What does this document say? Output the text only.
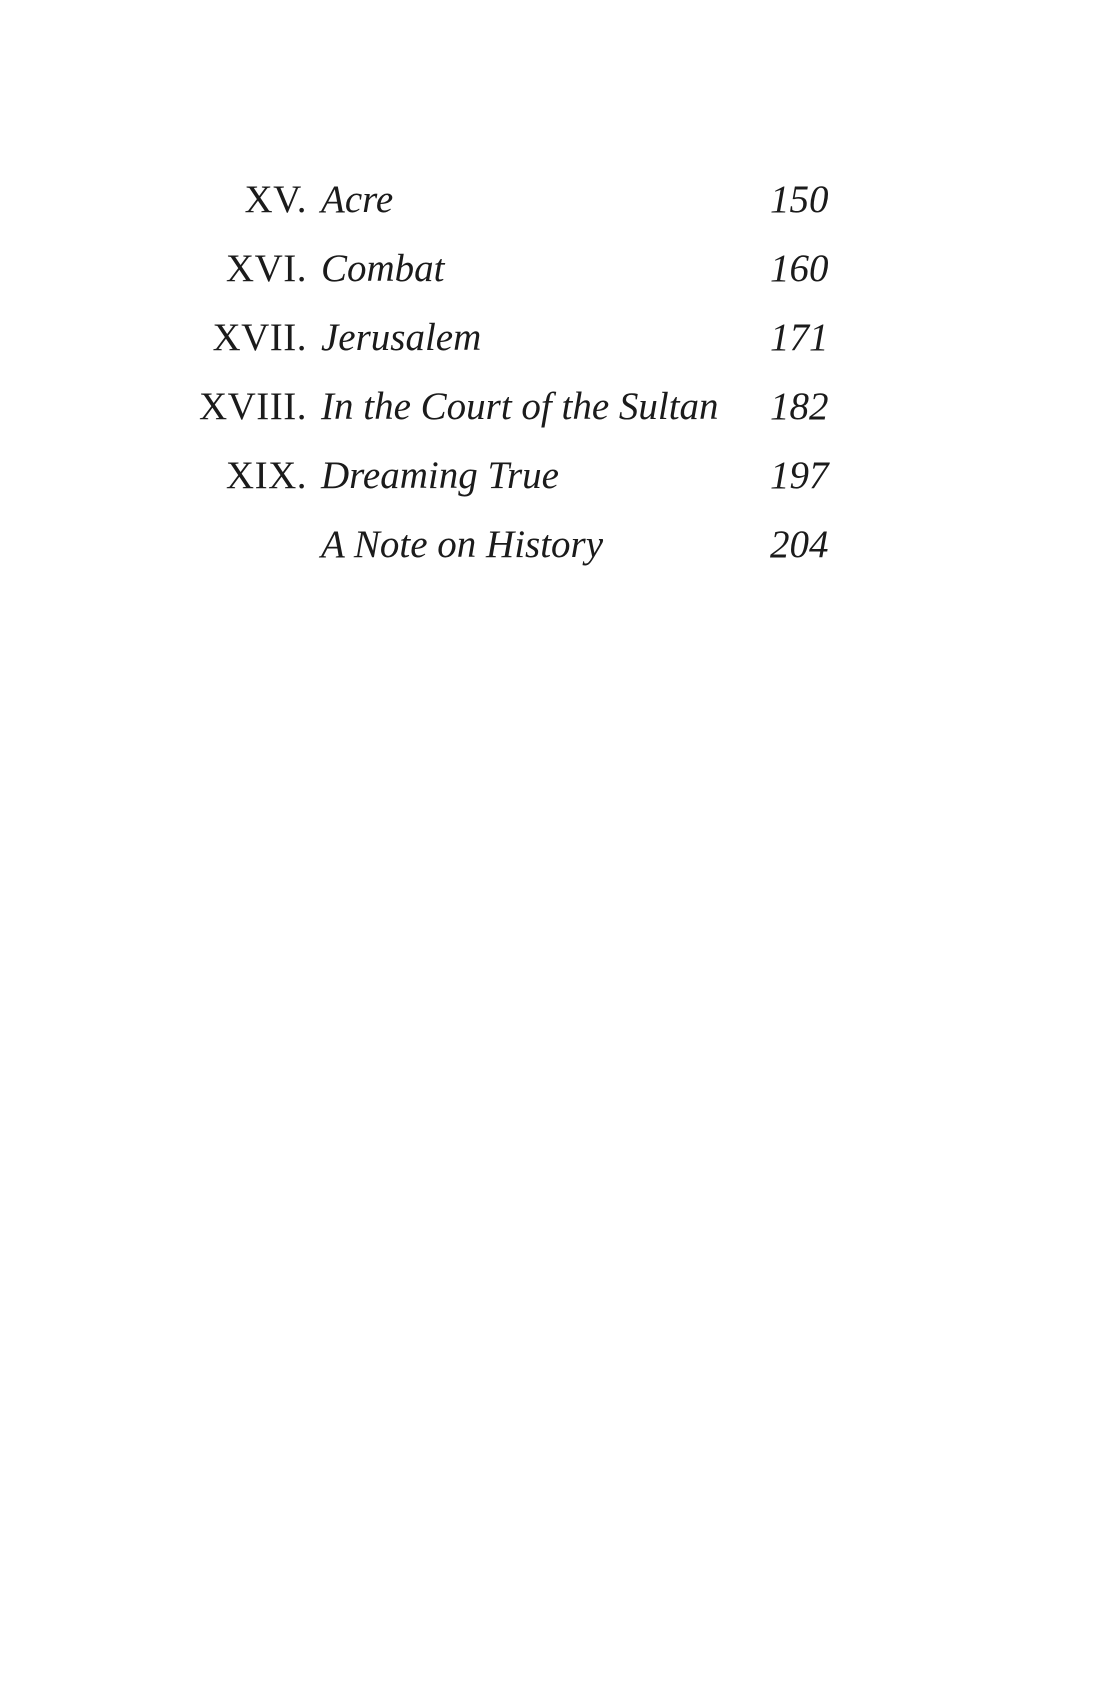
XV. Acre	150
XVI. Combat	160
XVII. Jerusalem	171
XVIII. In the Court of the Sultan	182
XIX. Dreaming True	197
A Note on History	204
